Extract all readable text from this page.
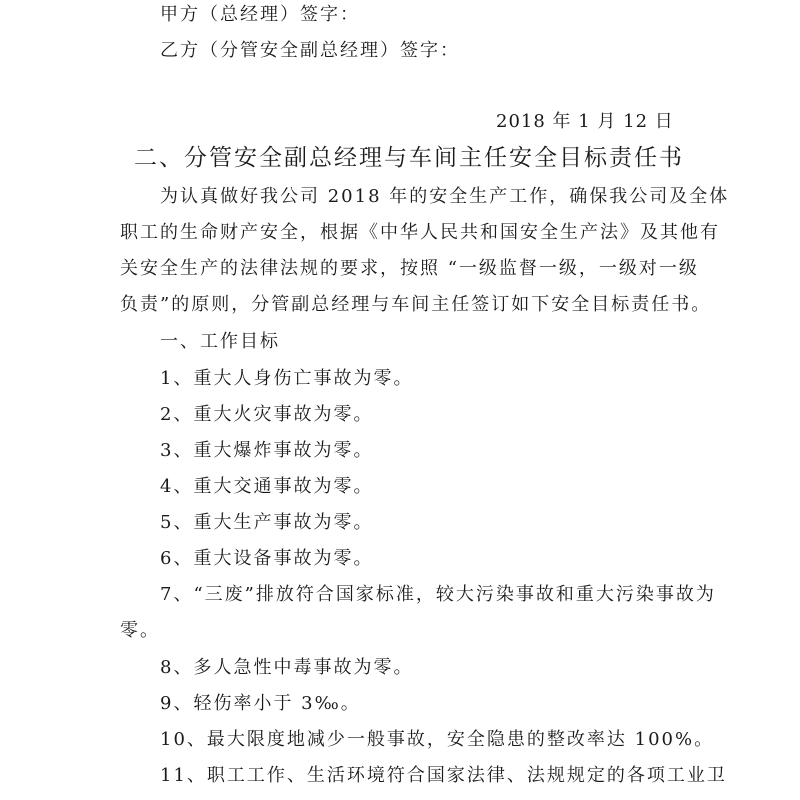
甲方（总经理）签字：
乙方（分管安全副总经理）签字：
2018 年 1 月 12 日
二、分管安全副总经理与车间主任安全目标责任书
为认真做好我公司 2018 年的安全生产工作，确保我公司及全体
职工的生命财产安全，根据《中华人民共和国安全生产法》及其他有
关安全生产的法律法规的要求，按照 “一级监督一级，一级对一级
负责”的原则，分管副总经理与车间主任签订如下安全目标责任书。
一、工作目标
1、重大人身伤亡事故为零。
2、重大火灾事故为零。
3、重大爆炸事故为零。
4、重大交通事故为零。
5、重大生产事故为零。
6、重大设备事故为零。
7、“三废”排放符合国家标准，较大污染事故和重大污染事故为
零。
8、多人急性中毒事故为零。
9、轻伤率小于 3‰。
10、最大限度地减少一般事故，安全隐患的整改率达 100%。
11、职工工作、生活环境符合国家法律、法规规定的各项工业卫
